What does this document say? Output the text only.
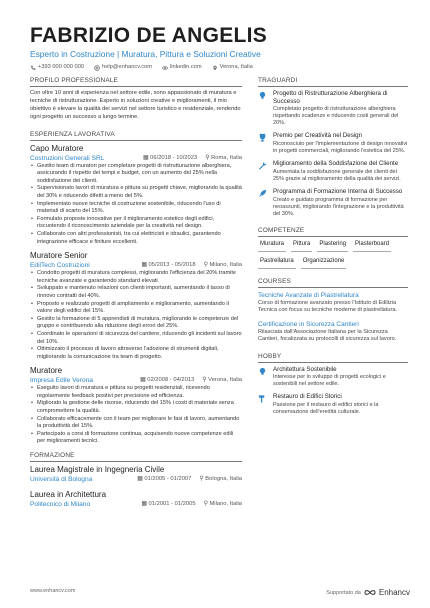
FABRIZIO DE ANGELIS
Esperto in Costruzione | Muratura, Pittura e Soluzioni Creative
+393 000 000 000	help@enhancv.com	linkedin.com	Verona, Italia
PROFILO PROFESSIONALE
Con oltre 10 anni di esperienza nel settore edile, sono appassionato di muratura e tecniche di ristrutturazione. Esperto in soluzioni creative e miglioramenti, il mio obiettivo è elevare la qualità dei servizi nel settore turistico e residenziale, rendendo ogni progetto un successo a lungo termine.
ESPERIENZA LAVORATIVA
Capo Muratore
Costruzioni Generali SRL	▦ 06/2018 - 10/2023 ⚲ Roma, Italia
• Gestito team di muratori per completare progetti di ristrutturazione alberghiera, assicurando il rispetto dei tempi e budget, con un aumento del 25% nella soddisfazione dei clienti.
• Supervisionato lavori di muratura e pittura su progetti chiave, migliorando la qualità del 30% e riducendo difetti a meno del 5%.
• Implementato nuove tecniche di costruzione sostenibile, riducendo l'uso di materiali di scarto del 15%.
• Formulato proposte innovative per il miglioramento estetico degli edifici, riscuotendo il riconoscimento aziendale per la creatività nel design.
• Collaborato con altri professionisti, tra cui elettricisti e idraulici, garantendo integrazione efficace e finiture eccellenti.
Muratore Senior
EdilTech Costruzioni	▦ 05/2013 - 05/2018 ⚲ Milano, Italia
• Condotto progetti di muratura complessi, migliorando l'efficienza del 20% tramite tecniche avanzate e garantendo standard elevati.
• Sviluppato e mantenuto relazioni con clienti importanti, aumentando il tasso di rinnovo contratti del 40%.
• Proposto e realizzato progetti di ampliamento e miglioramento, aumentando il valore degli edifici del 15%.
• Gestito la formazione di 5 apprendisti di muratura, migliorando le competenze del gruppo e contribuendo alla riduzione degli errori del 25%.
• Coordinato le operazioni di sicurezza del cantiere, riducendo gli incidenti sul lavoro del 10%.
• Ottimizzato il processo di lavoro attraverso l'adozione di strumenti digitali, migliorando la comunicazione tra team di progetto.
Muratore
Impresa Edile Verona	▦ 02/2008 - 04/2013 ⚲ Verona, Italia
• Eseguito lavori di muratura e pittura su progetti residenziali, ricevendo regolarmente feedback positivi per precisione ed efficienza.
• Migliorato la gestione delle risorse, riducendo del 15% i costi di materiale senza compromettere la qualità.
• Collaborato efficacemente con il team per migliorare le fasi di lavoro, aumentando la produttività del 15%.
• Partecipato a corsi di formazione continua, acquisendo nuove competenze edili per miglioramenti tecnici.
FORMAZIONE
Laurea Magistrale in Ingegneria Civile
Università di Bologna	▦ 01/2005 - 01/2007 ⚲ Bologna, Italia
Laurea in Architettura
Politecnico di Milano	▦ 01/2001 - 01/2005 ⚲ Milano, Italia
TRAGUARDI
Progetto di Ristrutturazione Alberghiera di Successo
Completato progetto di ristrutturazione alberghiera rispettando scadenze e riducendo costi generali del 20%.
Premio per Creatività nel Design
Riconosciuto per l'implementazione di design innovativi in progetti commerciali, migliorando l'estetica del 25%.
Miglioramento della Soddisfazione del Cliente
Aumentata la soddisfazione generale dei clienti del 25% grazie al miglioramento della qualità dei servizi.
Programma di Formazione Interna di Successo
Creato e guidato programma di formazione per neoassunti, migliorando l'integrazione e la produttività del 30%.
COMPETENZE
Muratura	Pittura	Plastering	Plasterboard
Pastrellatura	Organizzazione
COURSES
Tecniche Avanzate di Piastrellatura
Corso di formazione avanzato presso l'Istituto di Edilizia Tecnica con focus su tecniche moderne di piastrellatura.
Certificazione in Sicurezza Cantieri
Rilasciata dall'Associazione Italiana per la Sicurezza Cantieri, focalizzata su protocolli di sicurezza sul lavoro.
HOBBY
Architettura Sostenibile
Interesse per lo sviluppo di progetti ecologici e sostenibili nel settore edile.
Restauro di Edifici Storici
Passione per il restauro di edifici storici e la conservazione dell'eredità culturale.
www.enhancv.com	Supportato da Enhancv
